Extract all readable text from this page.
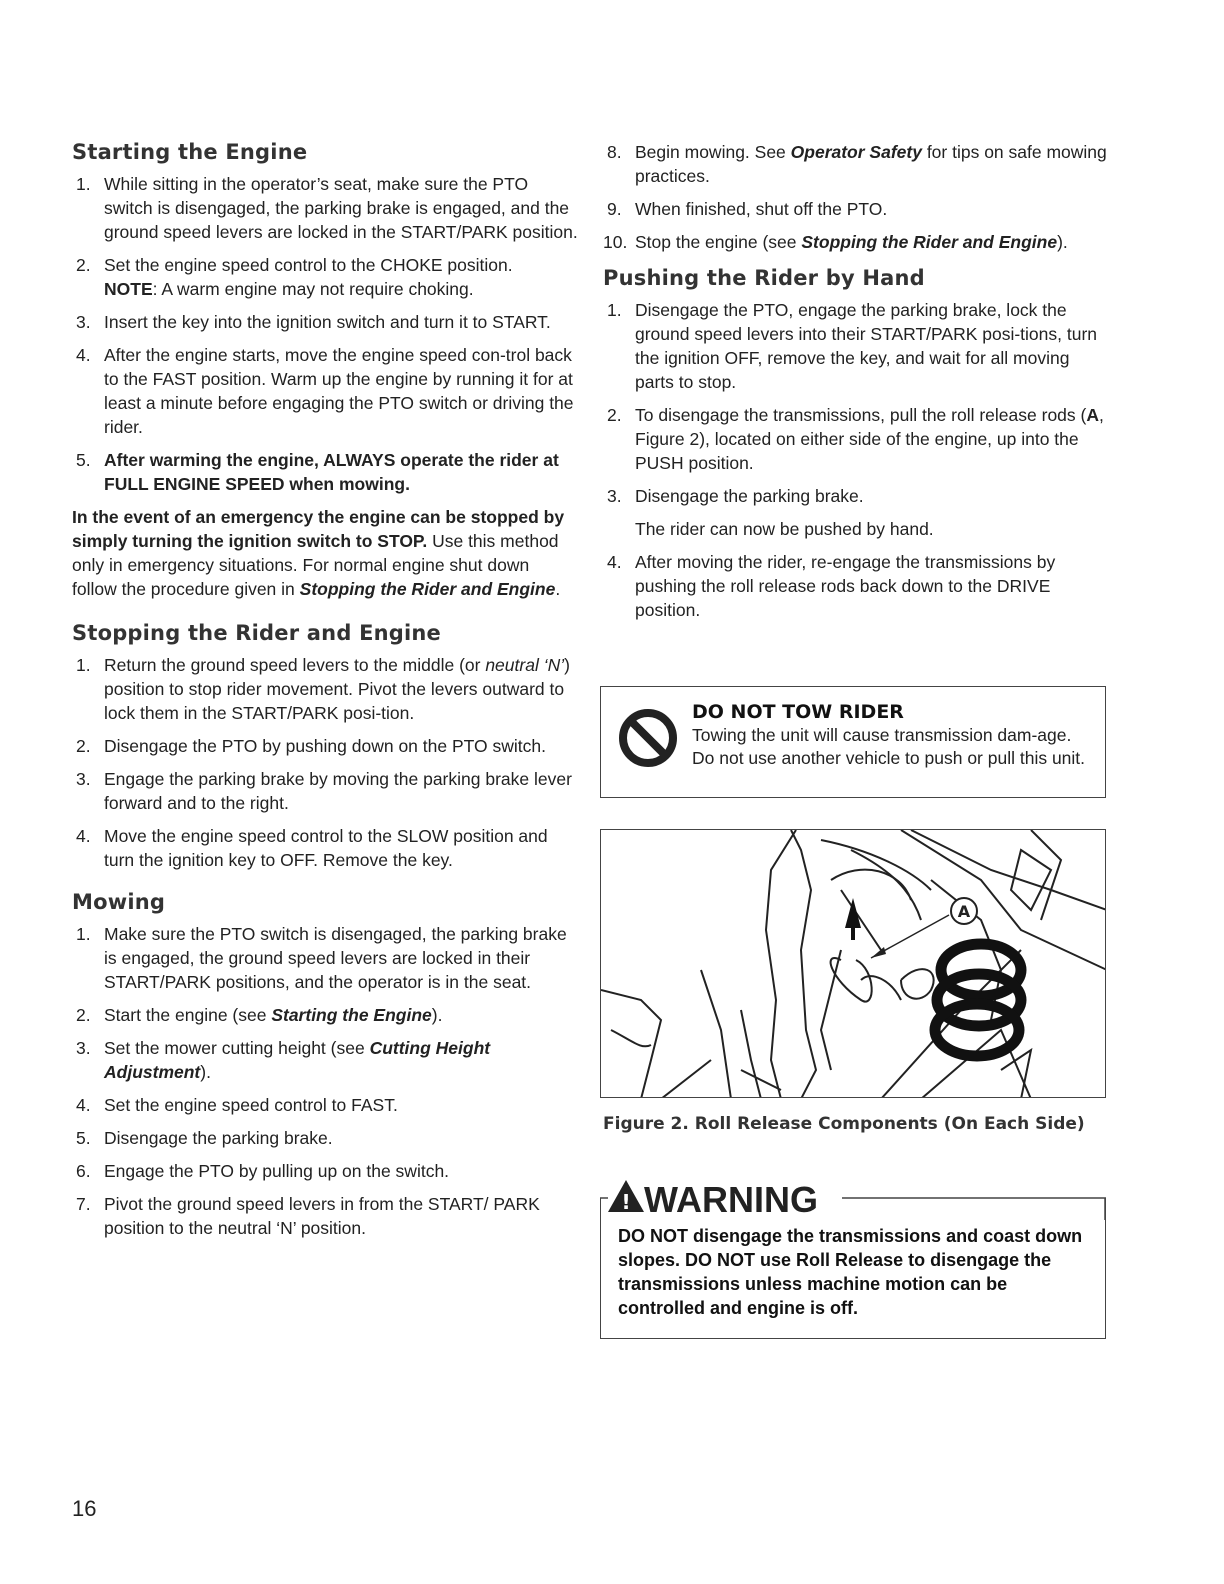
Starting the Engine
1. While sitting in the operator’s seat, make sure the PTO switch is disengaged, the parking brake is engaged, and the ground speed levers are locked in the START/PARK position.
2. Set the engine speed control to the CHOKE position.
NOTE: A warm engine may not require choking.
3. Insert the key into the ignition switch and turn it to START.
4. After the engine starts, move the engine speed con-trol back to the FAST position. Warm up the engine by running it for at least a minute before engaging the PTO switch or driving the rider.
5. After warming the engine, ALWAYS operate the rider at FULL ENGINE SPEED when mowing.

In the event of an emergency the engine can be stopped by simply turning the ignition switch to STOP. Use this method only in emergency situations. For normal engine shut down follow the procedure given in Stopping the Rider and Engine.

Stopping the Rider and Engine
1. Return the ground speed levers to the middle (or neutral ‘N’) position to stop rider movement. Pivot the levers outward to lock them in the START/PARK posi-tion.
2. Disengage the PTO by pushing down on the PTO switch.
3. Engage the parking brake by moving the parking brake lever forward and to the right.
4. Move the engine speed control to the SLOW position and turn the ignition key to OFF. Remove the key.
Mowing
1. Make sure the PTO switch is disengaged, the parking brake is engaged, the ground speed levers are locked in their START/PARK positions, and the operator is in the seat.
2. Start the engine (see Starting the Engine).
3. Set the mower cutting height (see Cutting Height Adjustment).
4. Set the engine speed control to FAST.
5. Disengage the parking brake.
6. Engage the PTO by pulling up on the switch.
7. Pivot the ground speed levers in from the START/ PARK position to the neutral ‘N’ position.
8. Begin mowing. See Operator Safety for tips on safe mowing practices.
9. When finished, shut off the PTO.
10. Stop the engine (see Stopping the Rider and Engine).
Pushing the Rider by Hand
1. Disengage the PTO, engage the parking brake, lock the ground speed levers into their START/PARK posi-tions, turn the ignition OFF, remove the key, and wait for all moving parts to stop.
2. To disengage the transmissions, pull the roll release rods (A, Figure 2), located on either side of the engine, up into the PUSH position.
3. Disengage the parking brake.
The rider can now be pushed by hand.
4. After moving the rider, re-engage the transmissions by pushing the roll release rods back down to the DRIVE position.
DO NOT TOW RIDER
Towing the unit will cause transmission dam-age. Do not use another vehicle to push or pull this unit.
A
Figure 2. Roll Release Components (On Each Side)
! WARNING
DO NOT disengage the transmissions and coast down slopes. DO NOT use Roll Release to disengage the transmissions unless machine motion can be controlled and engine is off.
16
